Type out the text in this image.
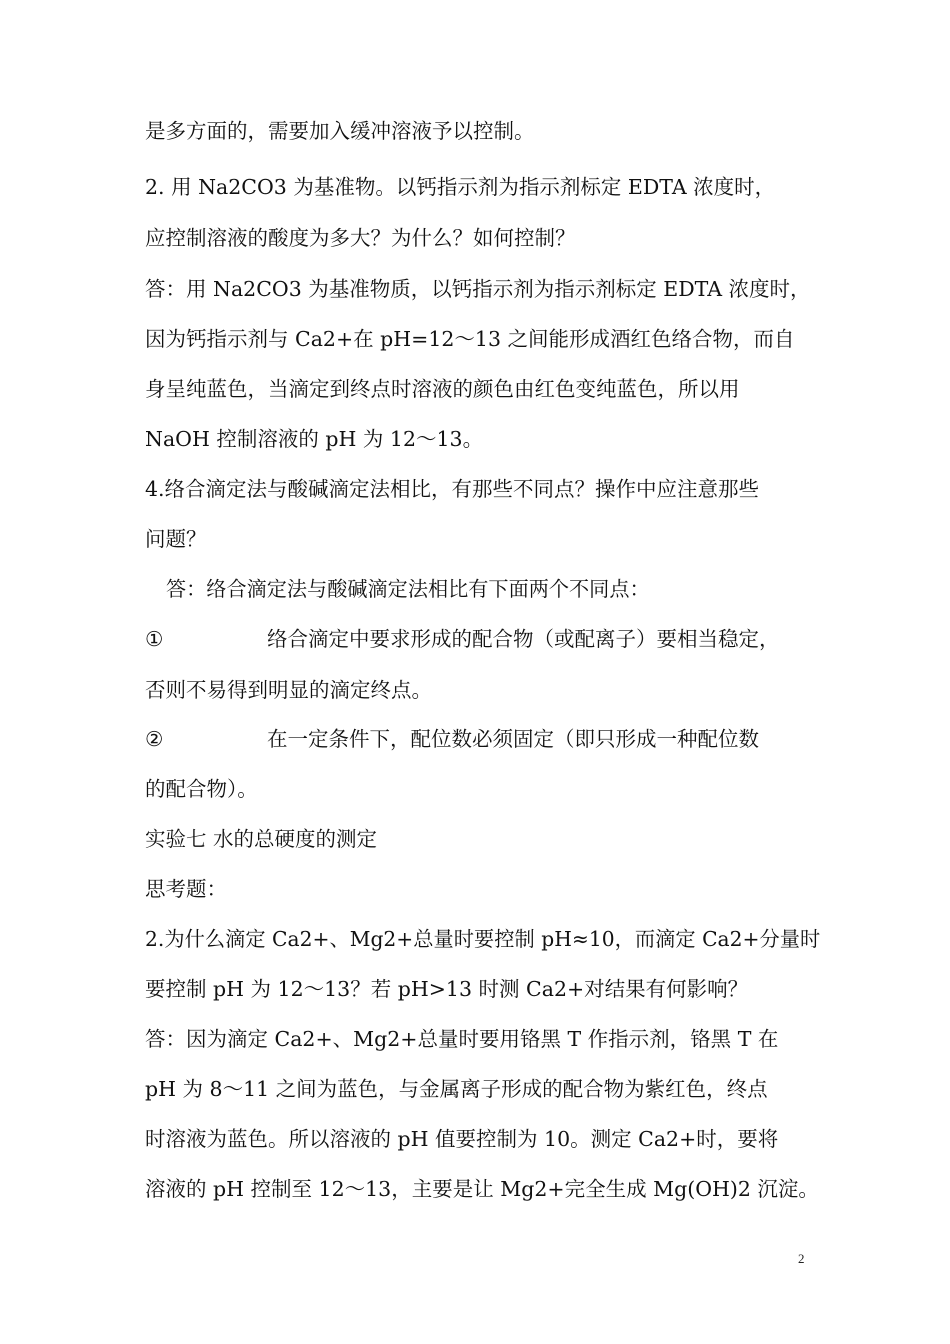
是多方面的，需要加入缓冲溶液予以控制。
2. 用 Na2CO3 为基准物。以钙指示剂为指示剂标定 EDTA 浓度时，
应控制溶液的酸度为多大？为什么？如何控制？
答：用 Na2CO3 为基准物质，以钙指示剂为指示剂标定 EDTA 浓度时，
因为钙指示剂与 Ca2+在 pH=12～13 之间能形成酒红色络合物，而自
身呈纯蓝色，当滴定到终点时溶液的颜色由红色变纯蓝色，所以用
NaOH 控制溶液的 pH 为 12～13。
4.络合滴定法与酸碱滴定法相比，有那些不同点？操作中应注意那些
问题？
答：络合滴定法与酸碱滴定法相比有下面两个不同点：
①	络合滴定中要求形成的配合物（或配离子）要相当稳定，
否则不易得到明显的滴定终点。
②	在一定条件下，配位数必须固定（即只形成一种配位数
的配合物）。
实验七 水的总硬度的测定
思考题：
2.为什么滴定 Ca2+、Mg2+总量时要控制 pH≈10，而滴定 Ca2+分量时
要控制 pH 为 12～13？若 pH>13 时测 Ca2+对结果有何影响？
答：因为滴定 Ca2+、Mg2+总量时要用铬黑 T 作指示剂，铬黑 T 在
pH 为 8～11 之间为蓝色，与金属离子形成的配合物为紫红色，终点
时溶液为蓝色。所以溶液的 pH 值要控制为 10。测定 Ca2+时，要将
溶液的 pH 控制至 12～13，主要是让 Mg2+完全生成 Mg(OH)2 沉淀。
2
